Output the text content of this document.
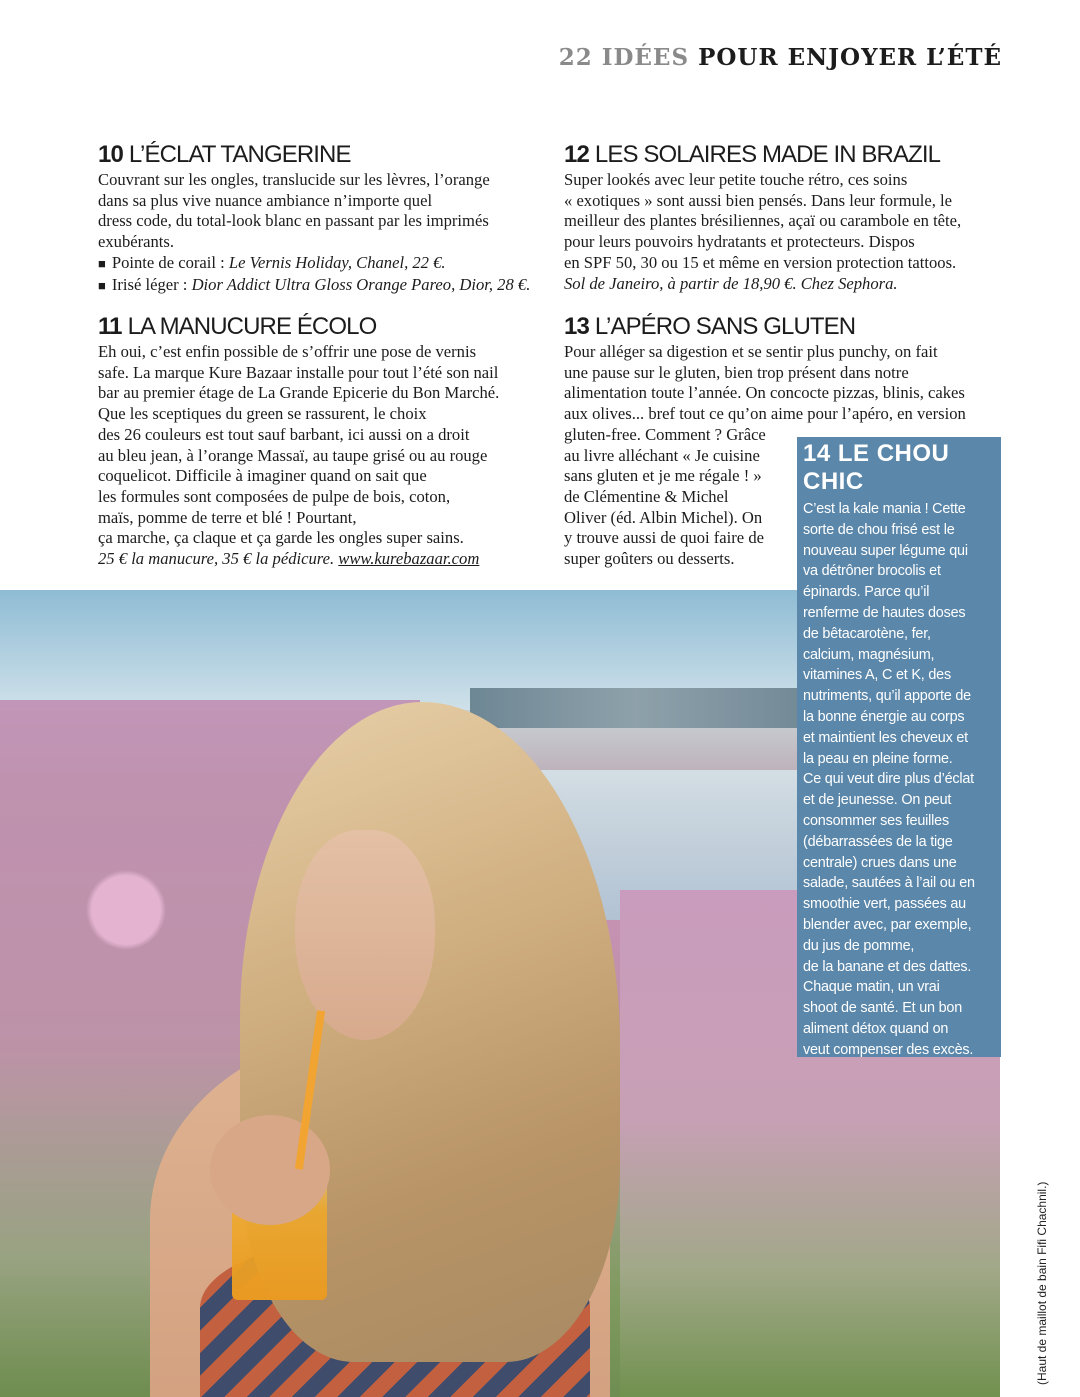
22 IDÉES POUR ENJOYER L’ÉTÉ
10 L’ÉCLAT TANGERINE

Couvrant sur les ongles, translucide sur les lèvres, l’orange

dans sa plus vive nuance ambiance n’importe quel

dress code, du total-look blanc en passant par les imprimés

exubérants.

■ Pointe de corail : Le Vernis Holiday, Chanel, 22 €.

■ Irisé léger : Dior Addict Ultra Gloss Orange Pareo, Dior, 28 €.

11 LA MANUCURE ÉCOLO

Eh oui, c’est enfin possible de s’offrir une pose de vernis

safe. La marque Kure Bazaar installe pour tout l’été son nail

bar au premier étage de La Grande Epicerie du Bon Marché.

Que les sceptiques du green se rassurent, le choix

des 26 couleurs est tout sauf barbant, ici aussi on a droit

au bleu jean, à l’orange Massaï, au taupe grisé ou au rouge

coquelicot. Difficile à imaginer quand on sait que

les formules sont composées de pulpe de bois, coton,

maïs, pomme de terre et blé ! Pourtant,

ça marche, ça claque et ça garde les ongles super sains.

25 € la manucure, 35 € la pédicure. www.kurebazaar.com

12 LES SOLAIRES MADE IN BRAZIL

Super lookés avec leur petite touche rétro, ces soins

« exotiques » sont aussi bien pensés. Dans leur formule, le

meilleur des plantes brésiliennes, açaï ou carambole en tête,

pour leurs pouvoirs hydratants et protecteurs. Dispos

en SPF 50, 30 ou 15 et même en version protection tattoos.

Sol de Janeiro, à partir de 18,90 €. Chez Sephora.

13 L’APÉRO SANS GLUTEN

Pour alléger sa digestion et se sentir plus punchy, on fait

une pause sur le gluten, bien trop présent dans notre

alimentation toute l’année. On concocte pizzas, blinis, cakes

aux olives... bref tout ce qu’on aime pour l’apéro, en version

gluten-free. Comment ? Grâce

au livre alléchant « Je cuisine

sans gluten et je me régale ! »

de Clémentine & Michel

Oliver (éd. Albin Michel). On

y trouve aussi de quoi faire de

super goûters ou desserts.

14 LE CHOU
CHIC

C’est la kale mania ! Cette
sorte de chou frisé est le
nouveau super légume qui
va détrôner brocolis et
épinards. Parce qu’il
renferme de hautes doses
de bêtacarotène, fer,
calcium, magnésium,
vitamines A, C et K, des
nutriments, qu’il apporte de
la bonne énergie au corps
et maintient les cheveux et
la peau en pleine forme.
Ce qui veut dire plus d’éclat
et de jeunesse. On peut
consommer ses feuilles
(débarrassées de la tige
centrale) crues dans une
salade, sautées à l’ail ou en
smoothie vert, passées au
blender avec, par exemple,
du jus de pomme,
de la banane et des dattes.
Chaque matin, un vrai
shoot de santé. Et un bon
aliment détox quand on
veut compenser des excès.

(Haut de maillot de bain Fifi Chachnil.)
